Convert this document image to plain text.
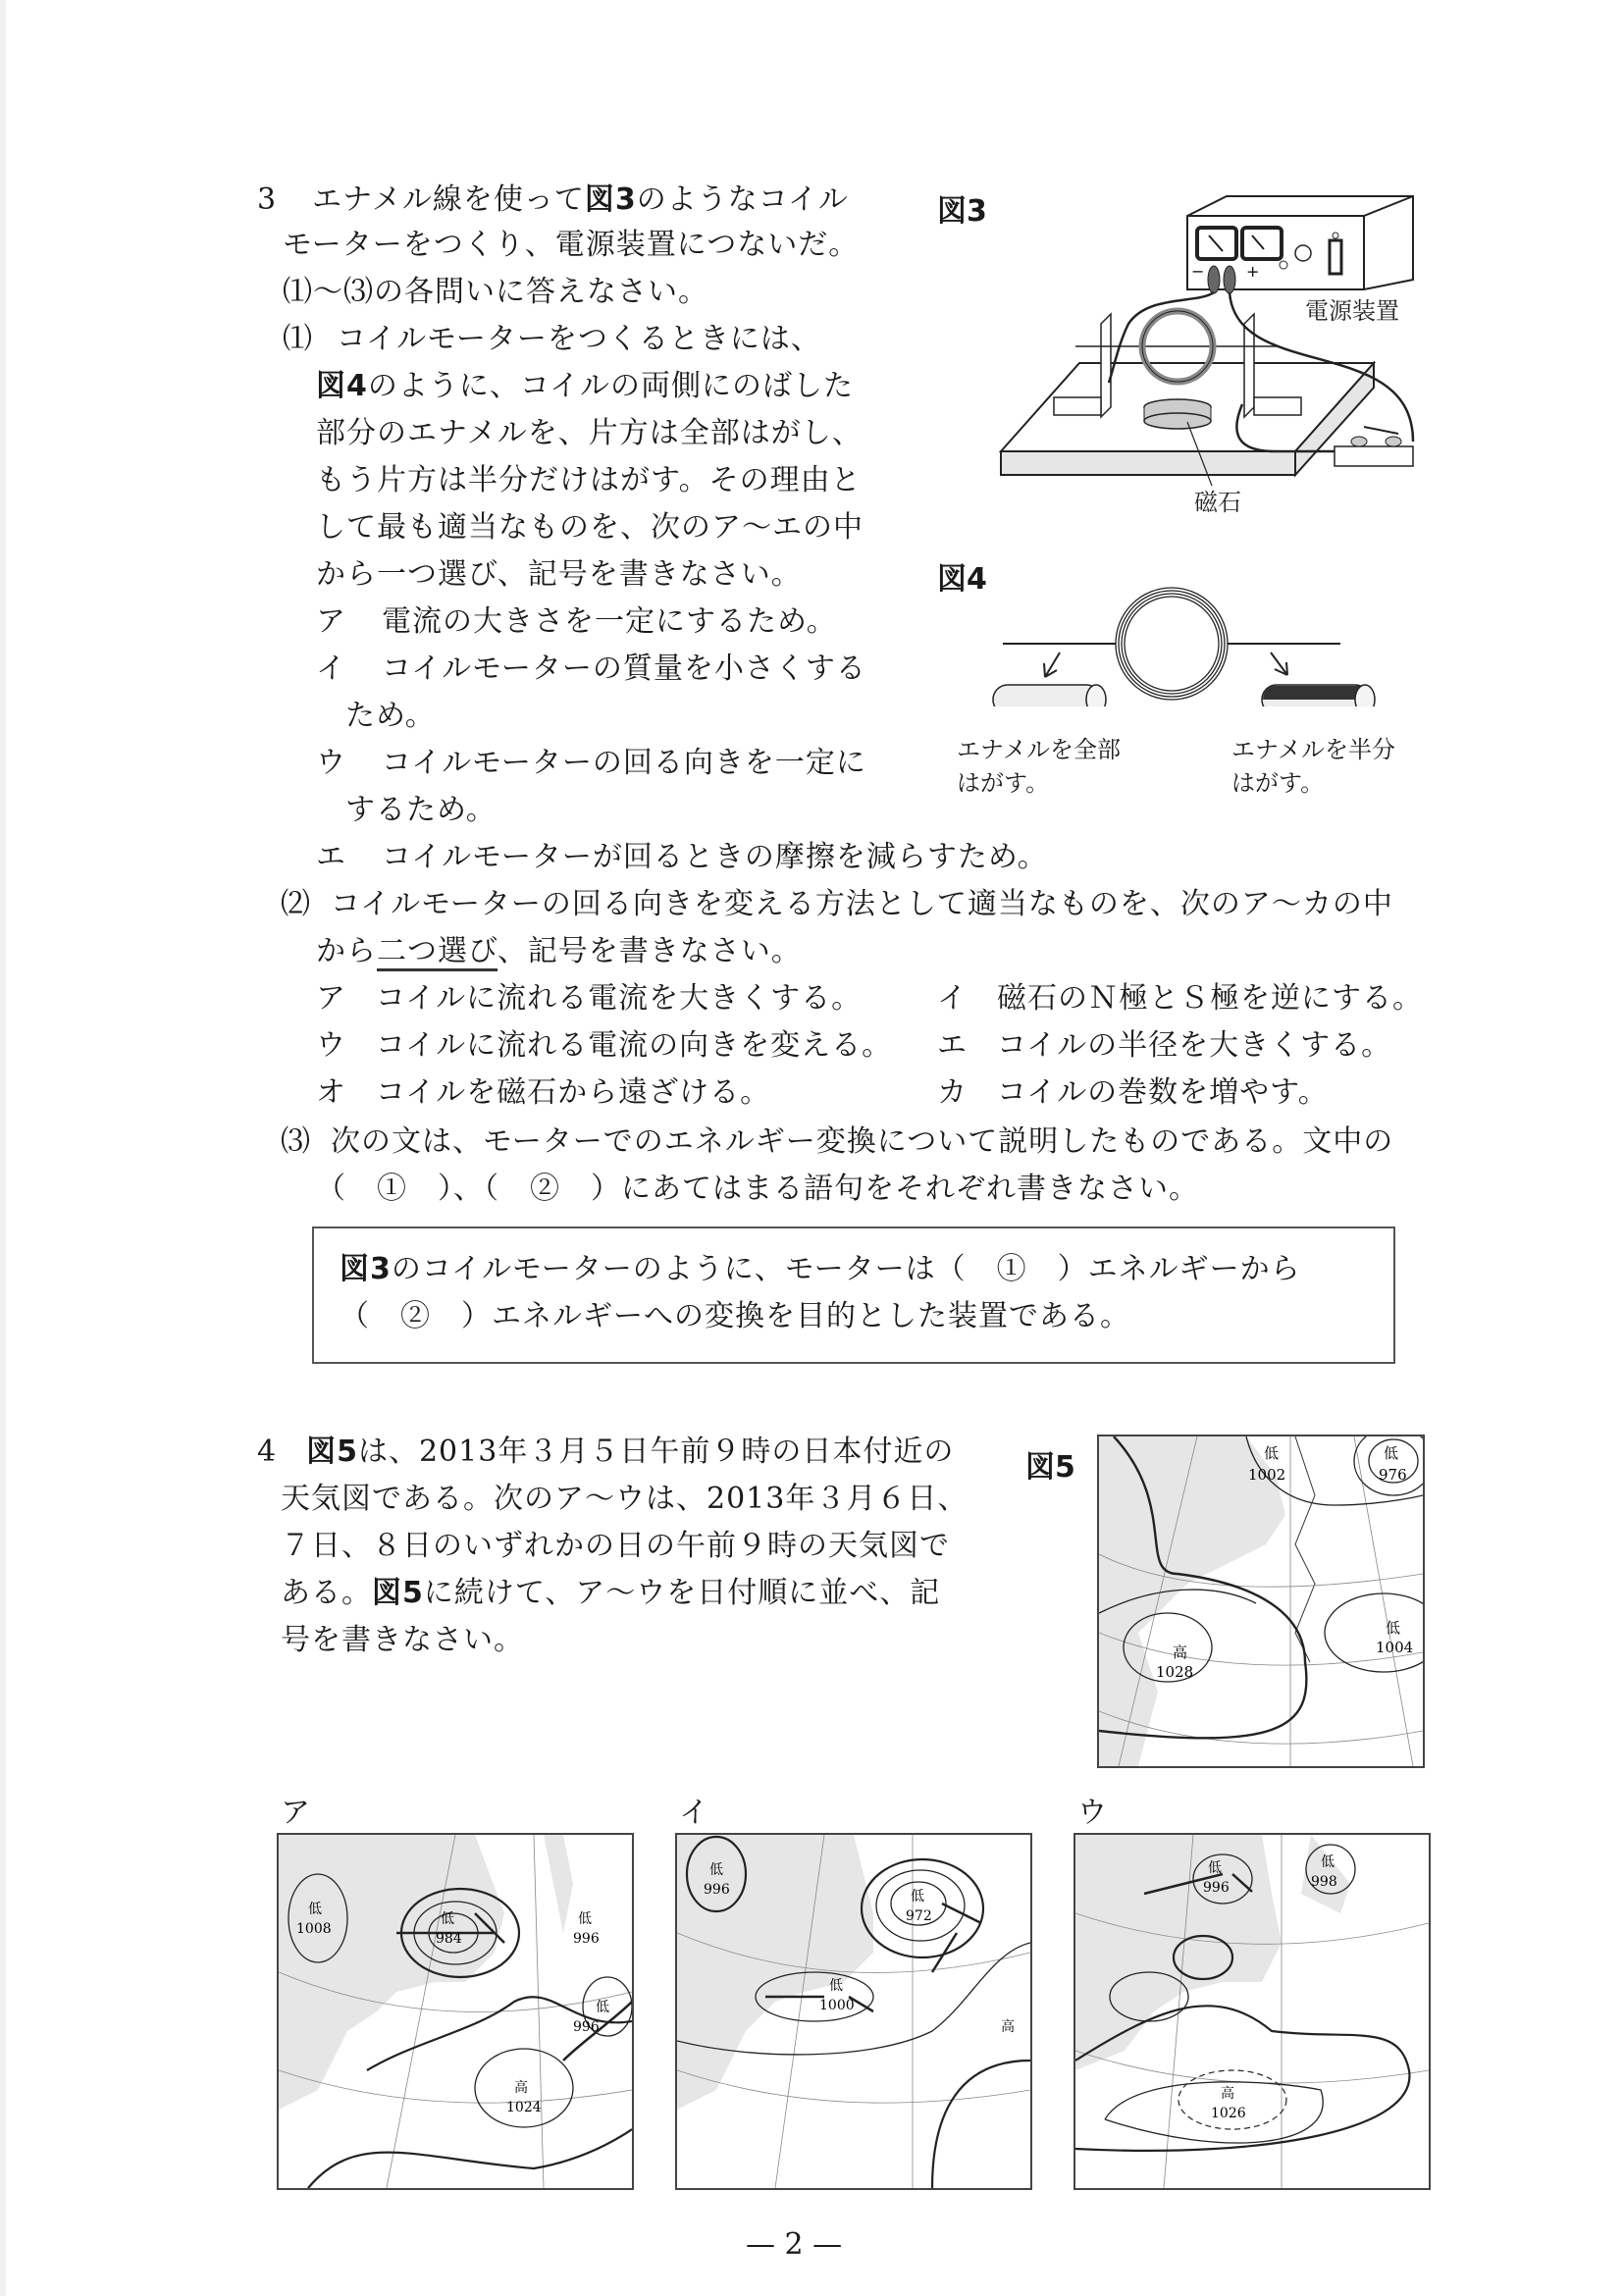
3 エナメル線を使って図3のようなコイル
モーターをつくり、電源装置につないだ。
⑴〜⑶の各問いに答えなさい。
⑴ コイルモーターをつくるときには、
図4のように、コイルの両側にのばした
部分のエナメルを、片方は全部はがし、
もう片方は半分だけはがす。その理由と
して最も適当なものを、次のア〜エの中
から一つ選び、記号を書きなさい。
ア 電流の大きさを一定にするため。
イ コイルモーターの質量を小さくする
ため。
ウ コイルモーターの回る向きを一定に
するため。
エ コイルモーターが回るときの摩擦を減らすため。
⑵ コイルモーターの回る向きを変える方法として適当なものを、次のア〜カの中
から二つ選び、記号を書きなさい。
ア コイルに流れる電流を大きくする。	イ 磁石のＮ極とＳ極を逆にする。
ウ コイルに流れる電流の向きを変える。 エ コイルの半径を大きくする。
オ コイルを磁石から遠ざける。	カ コイルの巻数を増やす。
⑶ 次の文は、モーターでのエネルギー変換について説明したものである。文中の
（　①　）、（　②　）にあてはまる語句をそれぞれ書きなさい。
図3のコイルモーターのように、モーターは（　①　）エネルギーから
（　②　）エネルギーへの変換を目的とした装置である。
図3
−	+
電源装置
磁石
図4
エナメルを全部
はがす。
エナメルを半分
はがす。
4 図5は、2013年３月５日午前９時の日本付近の
天気図である。次のア〜ウは、2013年３月６日、
７日、８日のいずれかの日の午前９時の天気図で
ある。図5に続けて、ア〜ウを日付順に並べ、記
号を書きなさい。
図5	低
1002
低
976
低
1004
高
1028
ア	イ	ウ
低
1008
低
984
低
996
低
996
高
1024
低
996	低
972
低
1000
高
低
996
低
998
高
1026
— 2 —
